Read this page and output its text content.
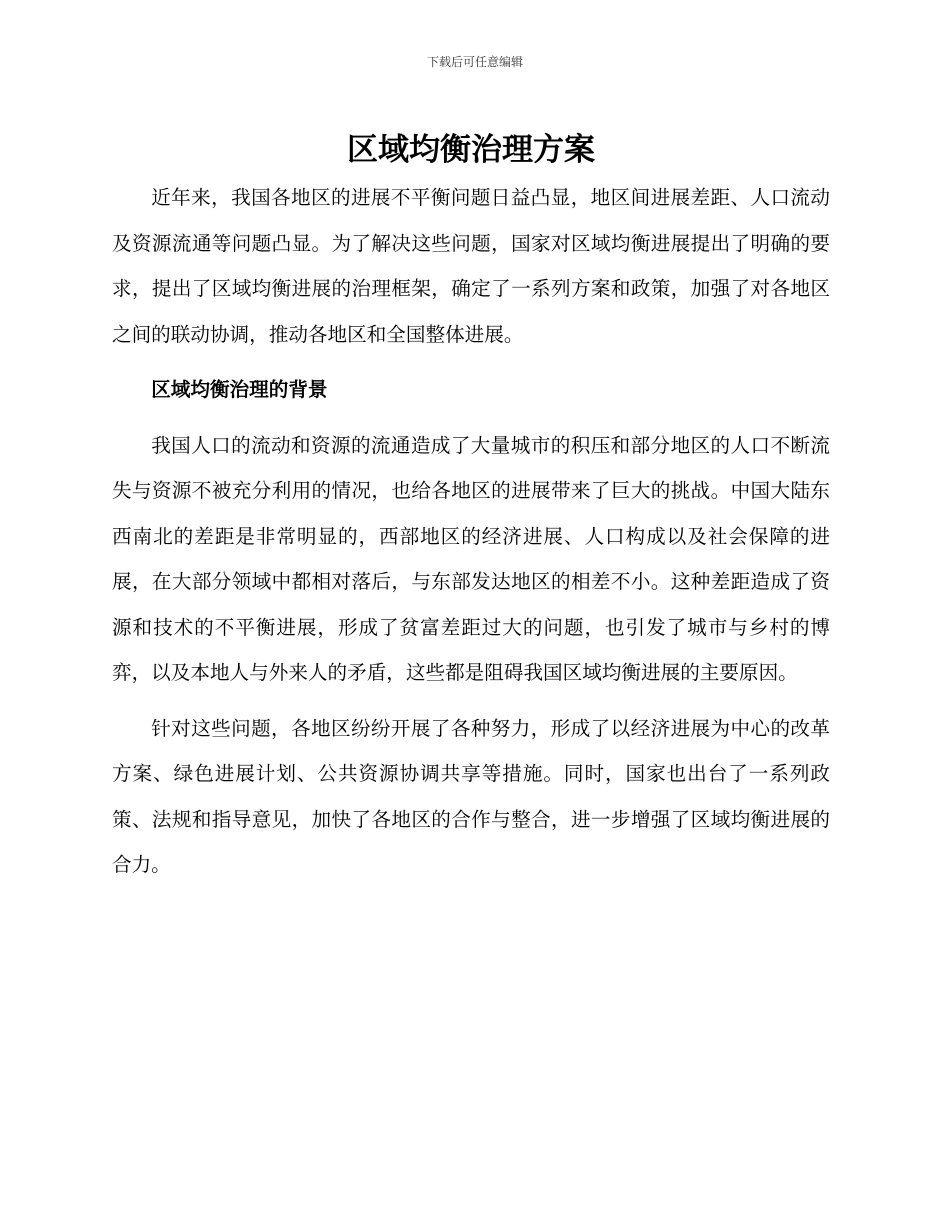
下载后可任意编辑
区域均衡治理方案

近年来，我国各地区的进展不平衡问题日益凸显，地区间进展差距、人口流动及资源流通等问题凸显。为了解决这些问题，国家对区域均衡进展提出了明确的要求，提出了区域均衡进展的治理框架，确定了一系列方案和政策，加强了对各地区之间的联动协调，推动各地区和全国整体进展。

区域均衡治理的背景

我国人口的流动和资源的流通造成了大量城市的积压和部分地区的人口不断流失与资源不被充分利用的情况，也给各地区的进展带来了巨大的挑战。中国大陆东西南北的差距是非常明显的，西部地区的经济进展、人口构成以及社会保障的进展，在大部分领域中都相对落后，与东部发达地区的相差不小。这种差距造成了资源和技术的不平衡进展，形成了贫富差距过大的问题，也引发了城市与乡村的博弈，以及本地人与外来人的矛盾，这些都是阻碍我国区域均衡进展的主要原因。

针对这些问题，各地区纷纷开展了各种努力，形成了以经济进展为中心的改革方案、绿色进展计划、公共资源协调共享等措施。同时，国家也出台了一系列政策、法规和指导意见，加快了各地区的合作与整合，进一步增强了区域均衡进展的合力。
